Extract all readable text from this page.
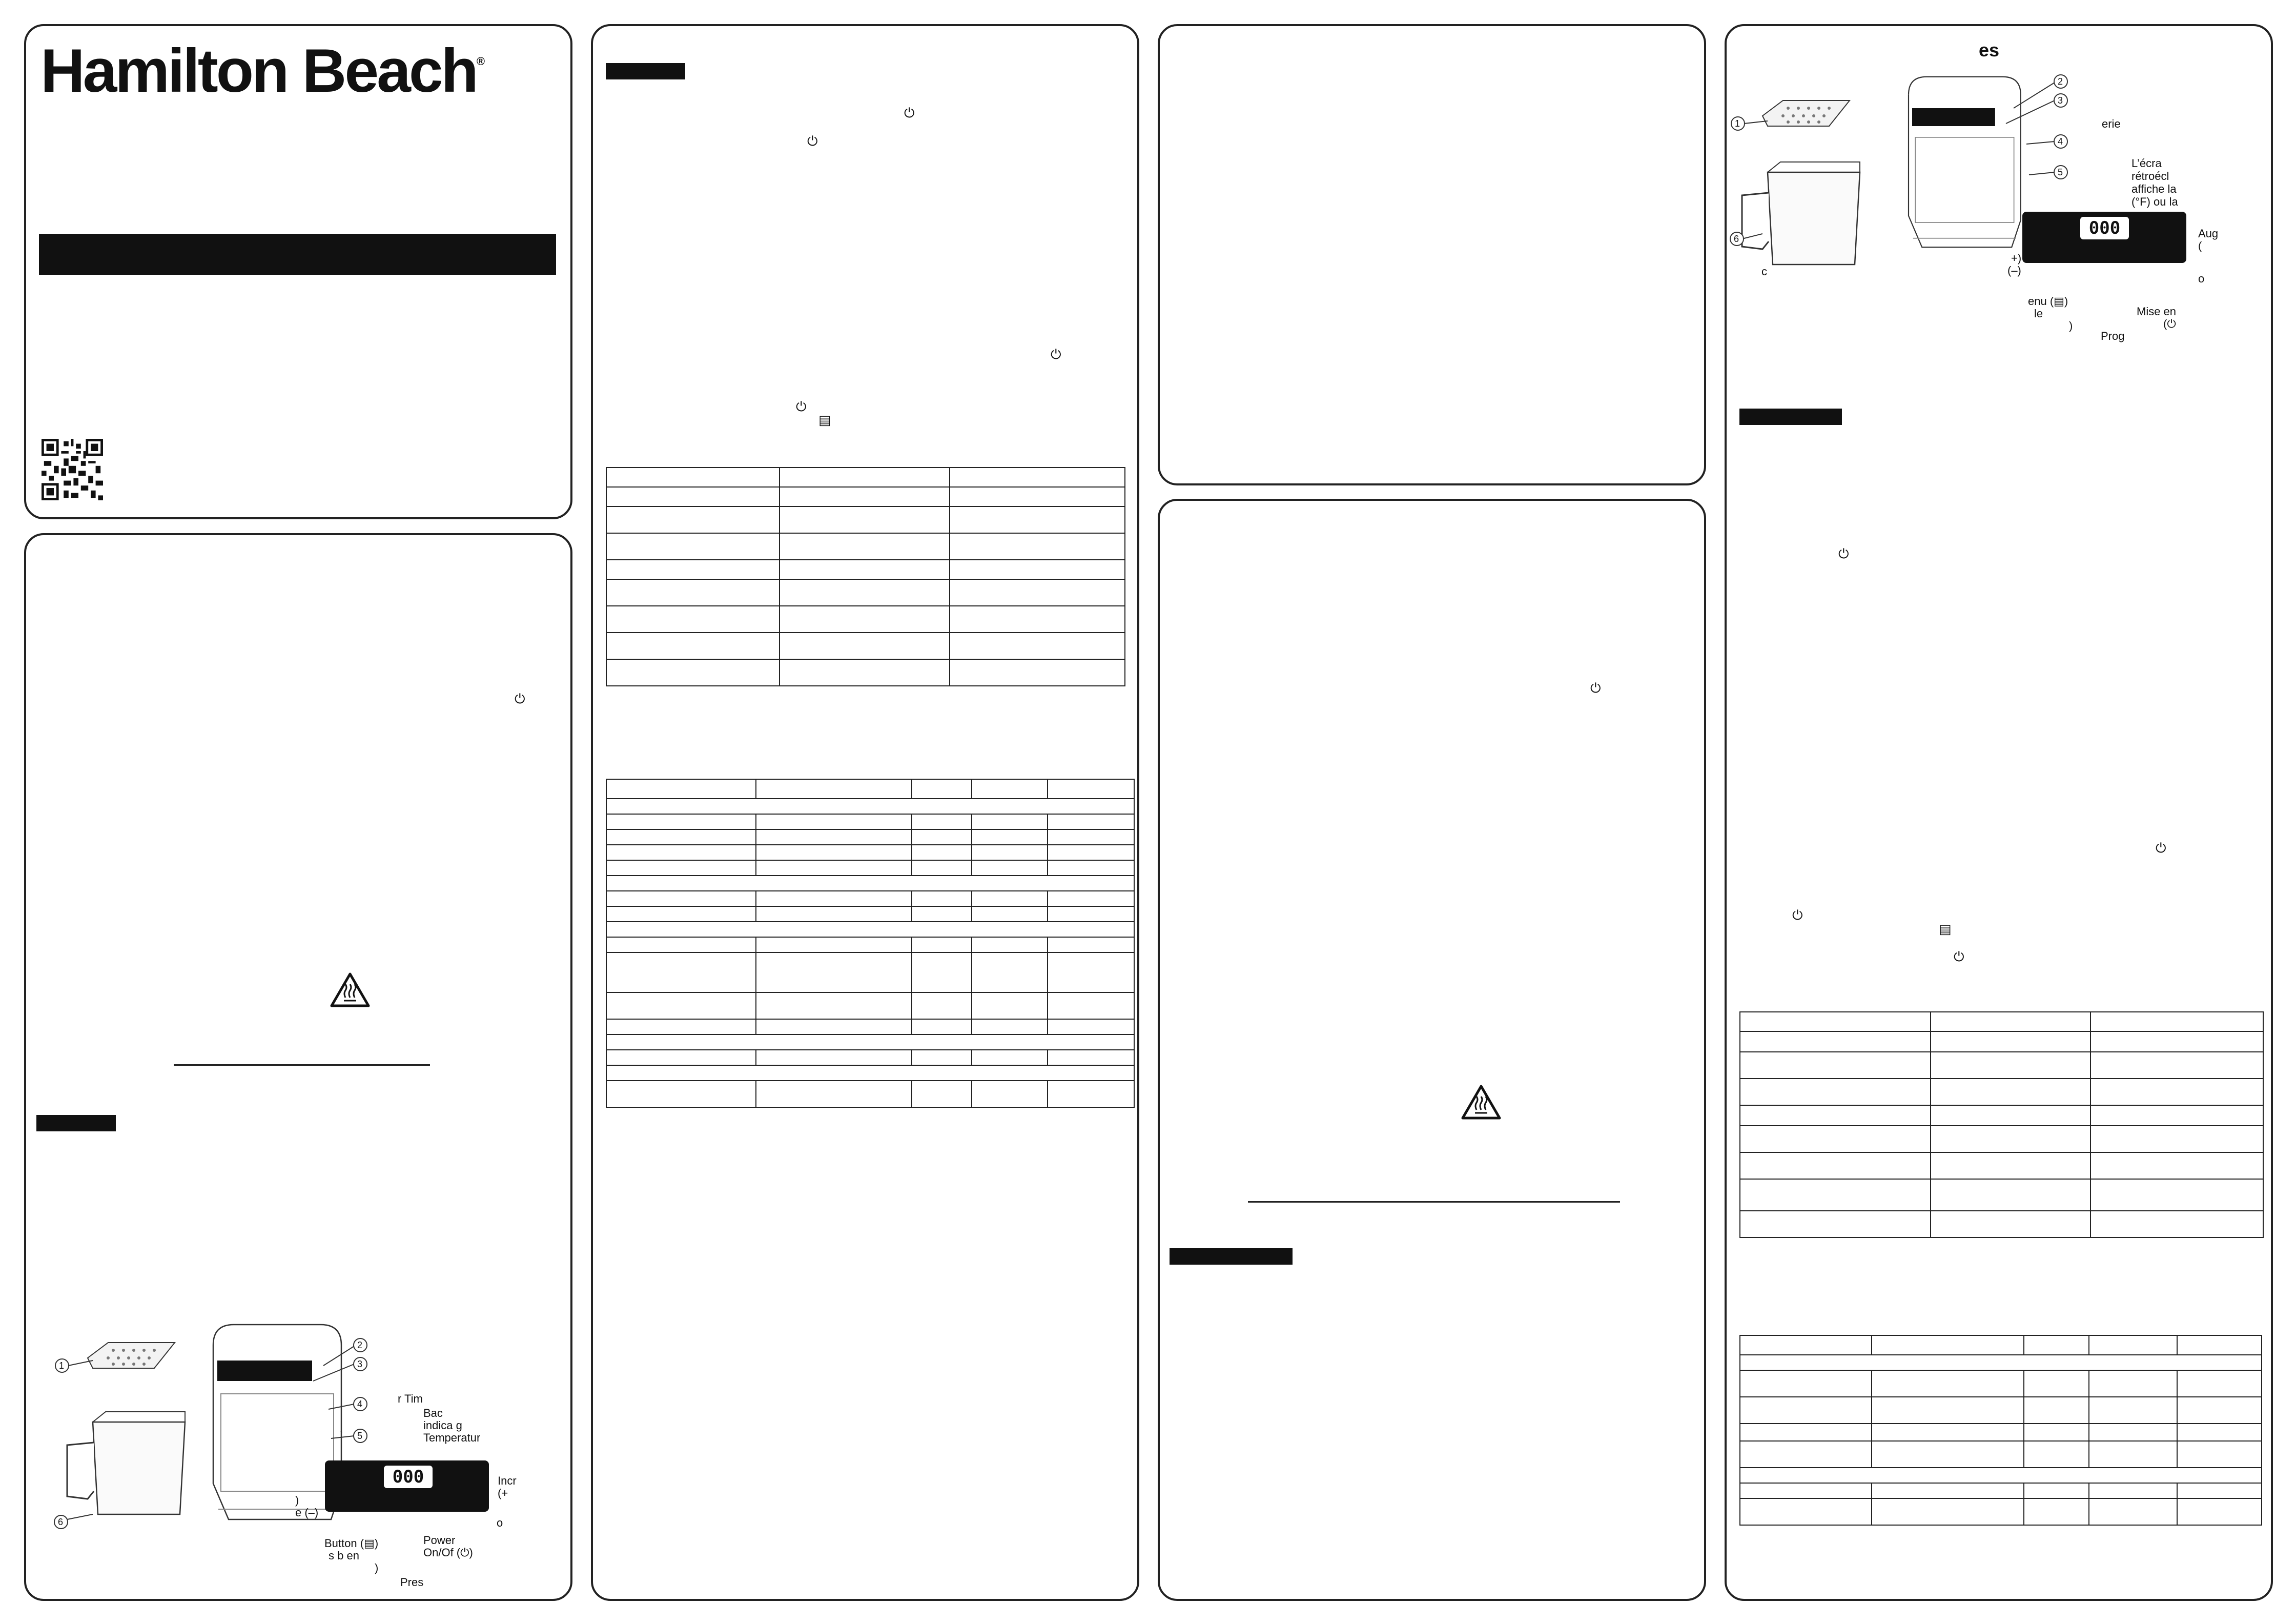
Hamilton Beach®
⏻
1
6
2
3
4
5
000
r Tim
Bac
indica g
Temperatur
Incr
(+
)
e (–)
o
Button (▤)
s b en
)
Power
On/Of (⏻)
Pres
⏻
⏻
⏻
⏻
▤

⏻
es
1
6
2
3
4
5
000
erie
L’écra
rétroécl
affiche la
(°F) ou la
Aug
(
o
+)
(–)
c
enu (▤)
le
)
Mise en
(⏻
Prog
⏻
⏻
⏻
▤
⏻
